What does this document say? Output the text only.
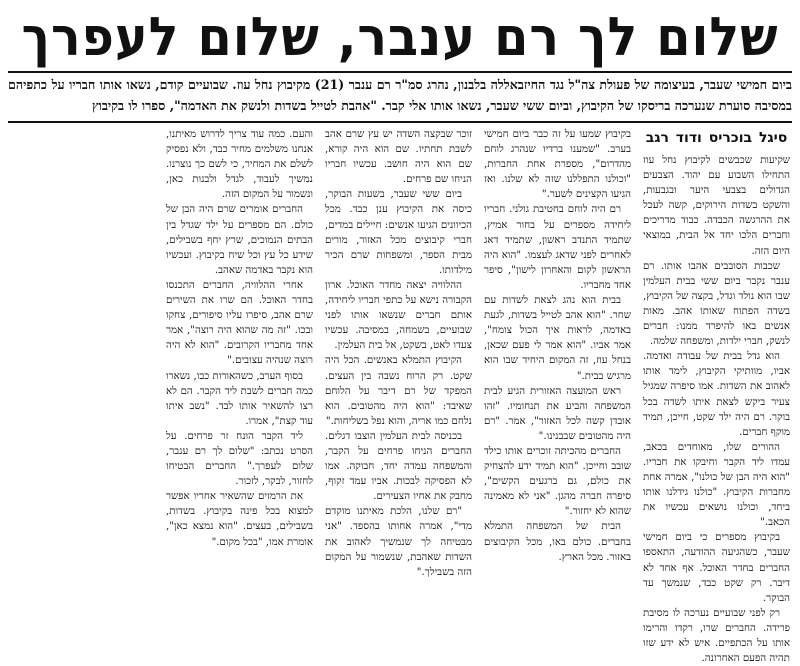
שלום לך רם ענבר, שלום לעפרך
ביום חמישי שעבר, בעיצומה של פעולת צה"ל נגד החיזבאללה בלבנון, נהרג סמ"ר רם ענבר (21) מקיבוץ נחל עוז. שבועיים קודם, נשאו אותו חבריו על כתפיהם במסיבה סוערת שנערכה בריסקו של הקיבוץ, וביום ששי שעבר, נשאו אותו אלי קבר. "אהבת לטייל בשדות ולנשק את האדמה", ספרו לו בקיבוץ
סיגל בוכריס ודוד רגב

שקיעות שכבשים לקיבוץ נחל עוז התחילו השבוע עם יהוד. הצבעים הגדולים בצבעי היער ובגבעות, והשקט בשדות הירוקים, קשה לעכל את ההרגשה הכבדה. כבוד מדריכים וחברים הלכו יחד אל הבית, במוצאי היום הזה.

שכבות הסובבים אהבו אותו. רם ענבר נקבר ביום ששי בבית העלמין שבו הוא נולד וגדל, בקצה של הקיבוץ, בשדה הפתוח שאותו אהב. מאות אנשים באו להיפרד ממנו: חברים לנשק, חברי ילדות, ומשפחה שלמה.

הוא גדל בבית של עבודה ואדמה. אביו, מוותיקי הקיבוץ, לימד אותו לאהוב את השדות. אמו סיפרה שמגיל צעיר ביקש לצאת איתו לשדה בכל בוקר. רם היה ילד שקט, חייכן, תמיד מוקף חברים.

ההורים שלו, מאוחדים בכאב, עמדו ליד הקבר וחיבקו את חבריו. "הוא היה הבן של כולנו", אמרה אחת מחברות הקיבוץ. "כולנו גידלנו אותו ביחד, וכולנו נושאים עכשיו את הכאב."

בקיבוץ מספרים כי ביום חמישי שעבר, כשהגיעה ההודעה, התאספו החברים בחדר האוכל. אף אחד לא דיבר. רק שקט כבד, שנמשך עד הבוקר.

רק לפני שבועיים נערכה לו מסיבת פרידה. החברים שרו, רקדו והרימו אותו על הכתפיים. איש לא ידע שזו תהיה הפעם האחרונה.

בקיבוץ שמעו על זה כבר ביום חמישי בערב. "שמענו ברדיו שנהרג לוחם מהדרום", מספרת אחת החברות, "וכולנו התפללנו שזה לא שלנו. ואז הגיעו הקצינים לשער."

רם היה לוחם בחטיבת גולני. חבריו ליחידה מספרים על בחור אמיץ, שתמיד התנדב ראשון, שתמיד דאג לאחרים לפני שדאג לעצמו. "הוא היה הראשון לקום והאחרון לישון", סיפר אחד מחבריו.

בבית הוא נהג לצאת לשדות עם שחר. "הוא אהב לטייל בשדות, לגעת באדמה, לראות איך הכול צומח", אמר אביו. "הוא אמר לי פעם שכאן, בנחל עוז, זה המקום היחיד שבו הוא מרגיש בבית."

ראש המועצה האזורית הגיע לבית המשפחה והביע את תנחומיו. "זהו אובדן קשה לכל האזור", אמר. "רם היה מהטובים שבבנינו."

החברים מהכיתה זוכרים אותו כילד שובב וחייכן. "הוא תמיד ידע להצחיק את כולם, גם ברגעים הקשים", סיפרה חברה מהגן. "אני לא מאמינה שהוא לא יחזור."

הבית של המשפחה התמלא בחברים. כולם באו, מכל הקיבוצים באזור. מכל הארץ.

זוכר שבקצה השדה יש עץ שרם אהב לשבת תחתיו. שם הוא היה קורא, שם הוא היה חושב. עכשיו חבריו הניחו שם פרחים.

ביום ששי שעבר, בשעות הבוקר, כיסה את הקיבוץ ענן כבד. מכל הכיוונים הגיעו אנשים: חיילים במדים, חברי קיבוצים מכל האזור, מורים מבית הספר, ומשפחות שרם הכיר מילדותו.

ההלוויה יצאה מחדר האוכל. ארון הקבורה נישא על כתפי חבריו ליחידה, אותם חברים שנשאו אותו לפני שבועיים, בשמחה, במסיבה. עכשיו צעדו לאט, בשקט, אל בית העלמין.

הקיבוץ התמלא באנשים. הכל היה שקט. רק הרוח נשבה בין העצים. המפקד של רם דיבר על הלוחם שאיבד: "הוא היה מהטובים. הוא נלחם כמו אריה, והוא נפל בשליחות."

בכניסה לבית העלמין הוצבו דגלים. החברים הניחו פרחים על הקבר, והמשפחה עמדה יחד, חבוקה. אמו לא הפסיקה לבכות. אביו עמד זקוף, מחבק את אחיו הצעירים.

"רם שלנו, הלכת מאיתנו מוקדם מדי", אמרה אחותו בהספד. "אני מבטיחה לך שנמשיך לאהוב את השדות שאהבת, שנשמור על המקום הזה בשבילך."

והעם. כמה עוד צריך לדרוש מאיתנו, אנחנו משלמים מחיר כבד, ולא נפסיק לשלם את המחיר, כי לשם כך נוצרנו. נמשיך לעבוד, לגדל ולבנות כאן, ונשמור על המקום הזה.

החברים אומרים שרם היה הבן של כולם. הם מספרים על ילד שגדל בין הבתים הנמוכים, שרץ יחף בשבילים, שידע כל עץ וכל שיח בקיבוץ. ועכשיו הוא נקבר באדמה שאהב.

אחרי ההלוויה, החברים התכנסו בחדר האוכל. הם שרו את השירים שרם אהב, סיפרו עליו סיפורים, צחקו ובכו. "זה מה שהוא היה רוצה", אמר אחד מחבריו הקרובים. "הוא לא היה רוצה שנהיה עצובים."

בסוף הערב, כשהאורות כבו, נשארו כמה חברים לשבת ליד הקבר. הם לא רצו להשאיר אותו לבד. "נשב איתו עוד קצת", אמרו.

ליד הקבר הונח זר פרחים. על הסרט נכתב: "שלום לך רם ענבר, שלום לעפרך." החברים הבטיחו לחזור, לבקר, לזכור.

את הרמזים שהשאיר אחריו אפשר למצוא בכל פינה בקיבוץ. בשדות, בשבילים, בעצים. "הוא נמצא כאן", אומרת אמו, "בכל מקום."
